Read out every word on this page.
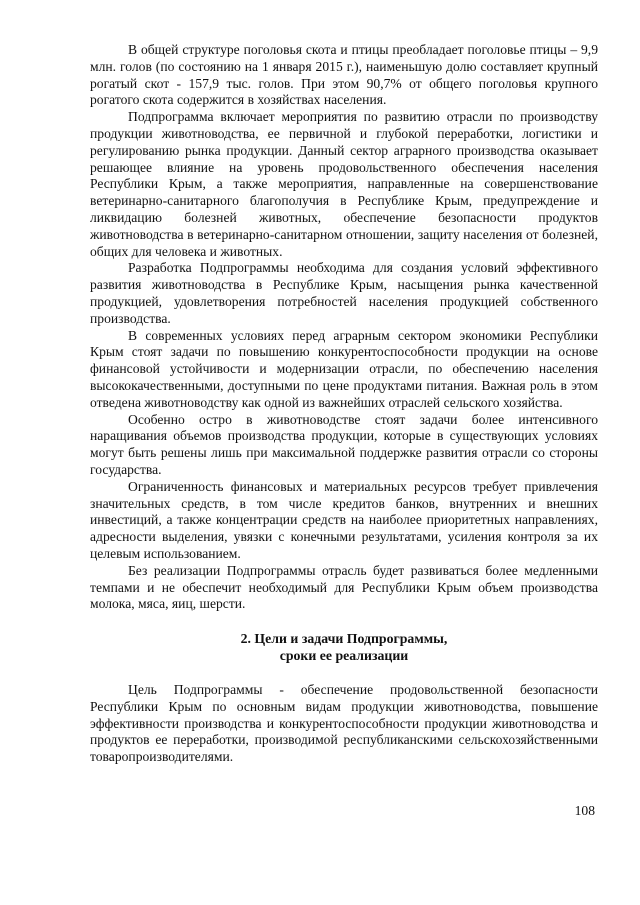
В общей структуре поголовья скота и птицы преобладает поголовье птицы – 9,9 млн. голов (по состоянию на 1 января 2015 г.), наименьшую долю составляет крупный рогатый скот - 157,9 тыс. голов. При этом 90,7% от общего поголовья крупного рогатого скота содержится в хозяйствах населения.

Подпрограмма включает мероприятия по развитию отрасли по производству продукции животноводства, ее первичной и глубокой переработки, логистики и регулированию рынка продукции. Данный сектор аграрного производства оказывает решающее влияние на уровень продовольственного обеспечения населения Республики Крым, а также мероприятия, направленные на совершенствование ветеринарно-санитарного благополучия в Республике Крым, предупреждение и ликвидацию болезней животных, обеспечение безопасности продуктов животноводства в ветеринарно-санитарном отношении, защиту населения от болезней, общих для человека и животных.

Разработка Подпрограммы необходима для создания условий эффективного развития животноводства в Республике Крым, насыщения рынка качественной продукцией, удовлетворения потребностей населения продукцией собственного производства.

В современных условиях перед аграрным сектором экономики Республики Крым стоят задачи по повышению конкурентоспособности продукции на основе финансовой устойчивости и модернизации отрасли, по обеспечению населения высококачественными, доступными по цене продуктами питания. Важная роль в этом отведена животноводству как одной из важнейших отраслей сельского хозяйства.

Особенно остро в животноводстве стоят задачи более интенсивного наращивания объемов производства продукции, которые в существующих условиях могут быть решены лишь при максимальной поддержке развития отрасли со стороны государства.

Ограниченность финансовых и материальных ресурсов требует привлечения значительных средств, в том числе кредитов банков, внутренних и внешних инвестиций, а также концентрации средств на наиболее приоритетных направлениях, адресности выделения, увязки с конечными результатами, усиления контроля за их целевым использованием.

Без реализации Подпрограммы отрасль будет развиваться более медленными темпами и не обеспечит необходимый для Республики Крым объем производства молока, мяса, яиц, шерсти.

2. Цели и задачи Подпрограммы,
сроки ее реализации

Цель Подпрограммы - обеспечение продовольственной безопасности Республики Крым по основным видам продукции животноводства, повышение эффективности производства и конкурентоспособности продукции животноводства и продуктов ее переработки, производимой республиканскими сельскохозяйственными товаропроизводителями.

108
